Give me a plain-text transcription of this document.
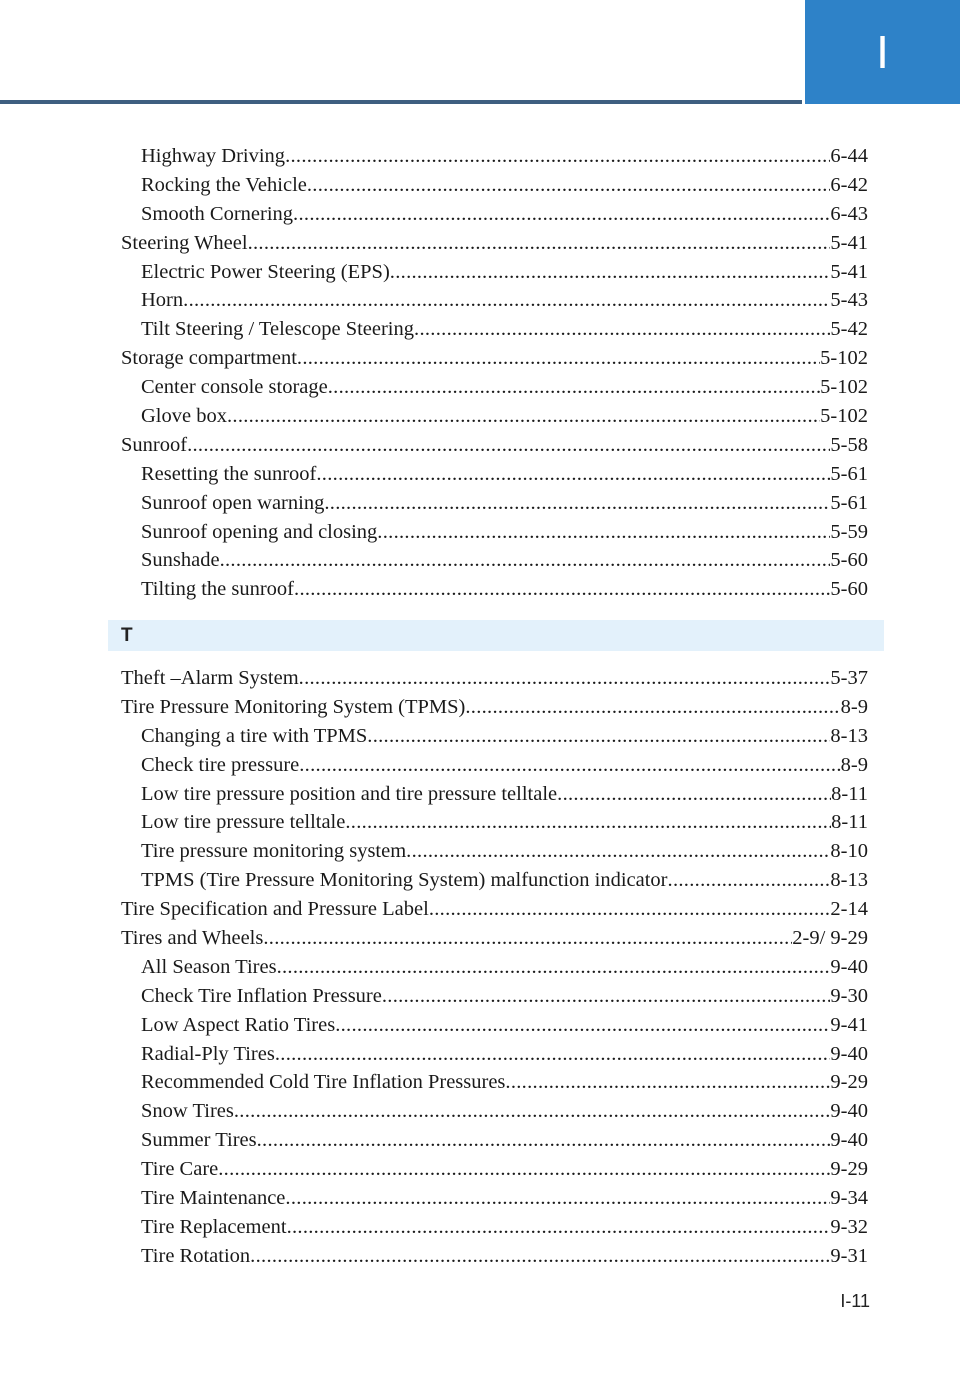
I
Highway Driving .....	6-44
Rocking the Vehicle .....	6-42
Smooth Cornering .....	6-43
Steering Wheel .....	5-41
Electric Power Steering (EPS) .....	5-41
Horn .....	5-43
Tilt Steering / Telescope Steering .....	5-42
Storage compartment .....	5-102
Center console storage .....	5-102
Glove box .....	5-102
Sunroof .....	5-58
Resetting the sunroof .....	5-61
Sunroof open warning .....	5-61
Sunroof opening and closing .....	5-59
Sunshade .....	5-60
Tilting the sunroof .....	5-60
T
Theft –Alarm System .....	5-37
Tire Pressure Monitoring System (TPMS) .....	8-9
Changing a tire with TPMS .....	8-13
Check tire pressure .....	8-9
Low tire pressure position and tire pressure telltale .....	8-11
Low tire pressure telltale .....	8-11
Tire pressure monitoring system .....	8-10
TPMS (Tire Pressure Monitoring System) malfunction indicator .....	8-13
Tire Specification and Pressure Label .....	2-14
Tires and Wheels .....	2-9/ 9-29
All Season Tires .....	9-40
Check Tire Inflation Pressure .....	9-30
Low Aspect Ratio Tires .....	9-41
Radial-Ply Tires .....	9-40
Recommended Cold Tire Inflation Pressures .....	9-29
Snow Tires .....	9-40
Summer Tires .....	9-40
Tire Care .....	9-29
Tire Maintenance .....	9-34
Tire Replacement .....	9-32
Tire Rotation .....	9-31
I-11
